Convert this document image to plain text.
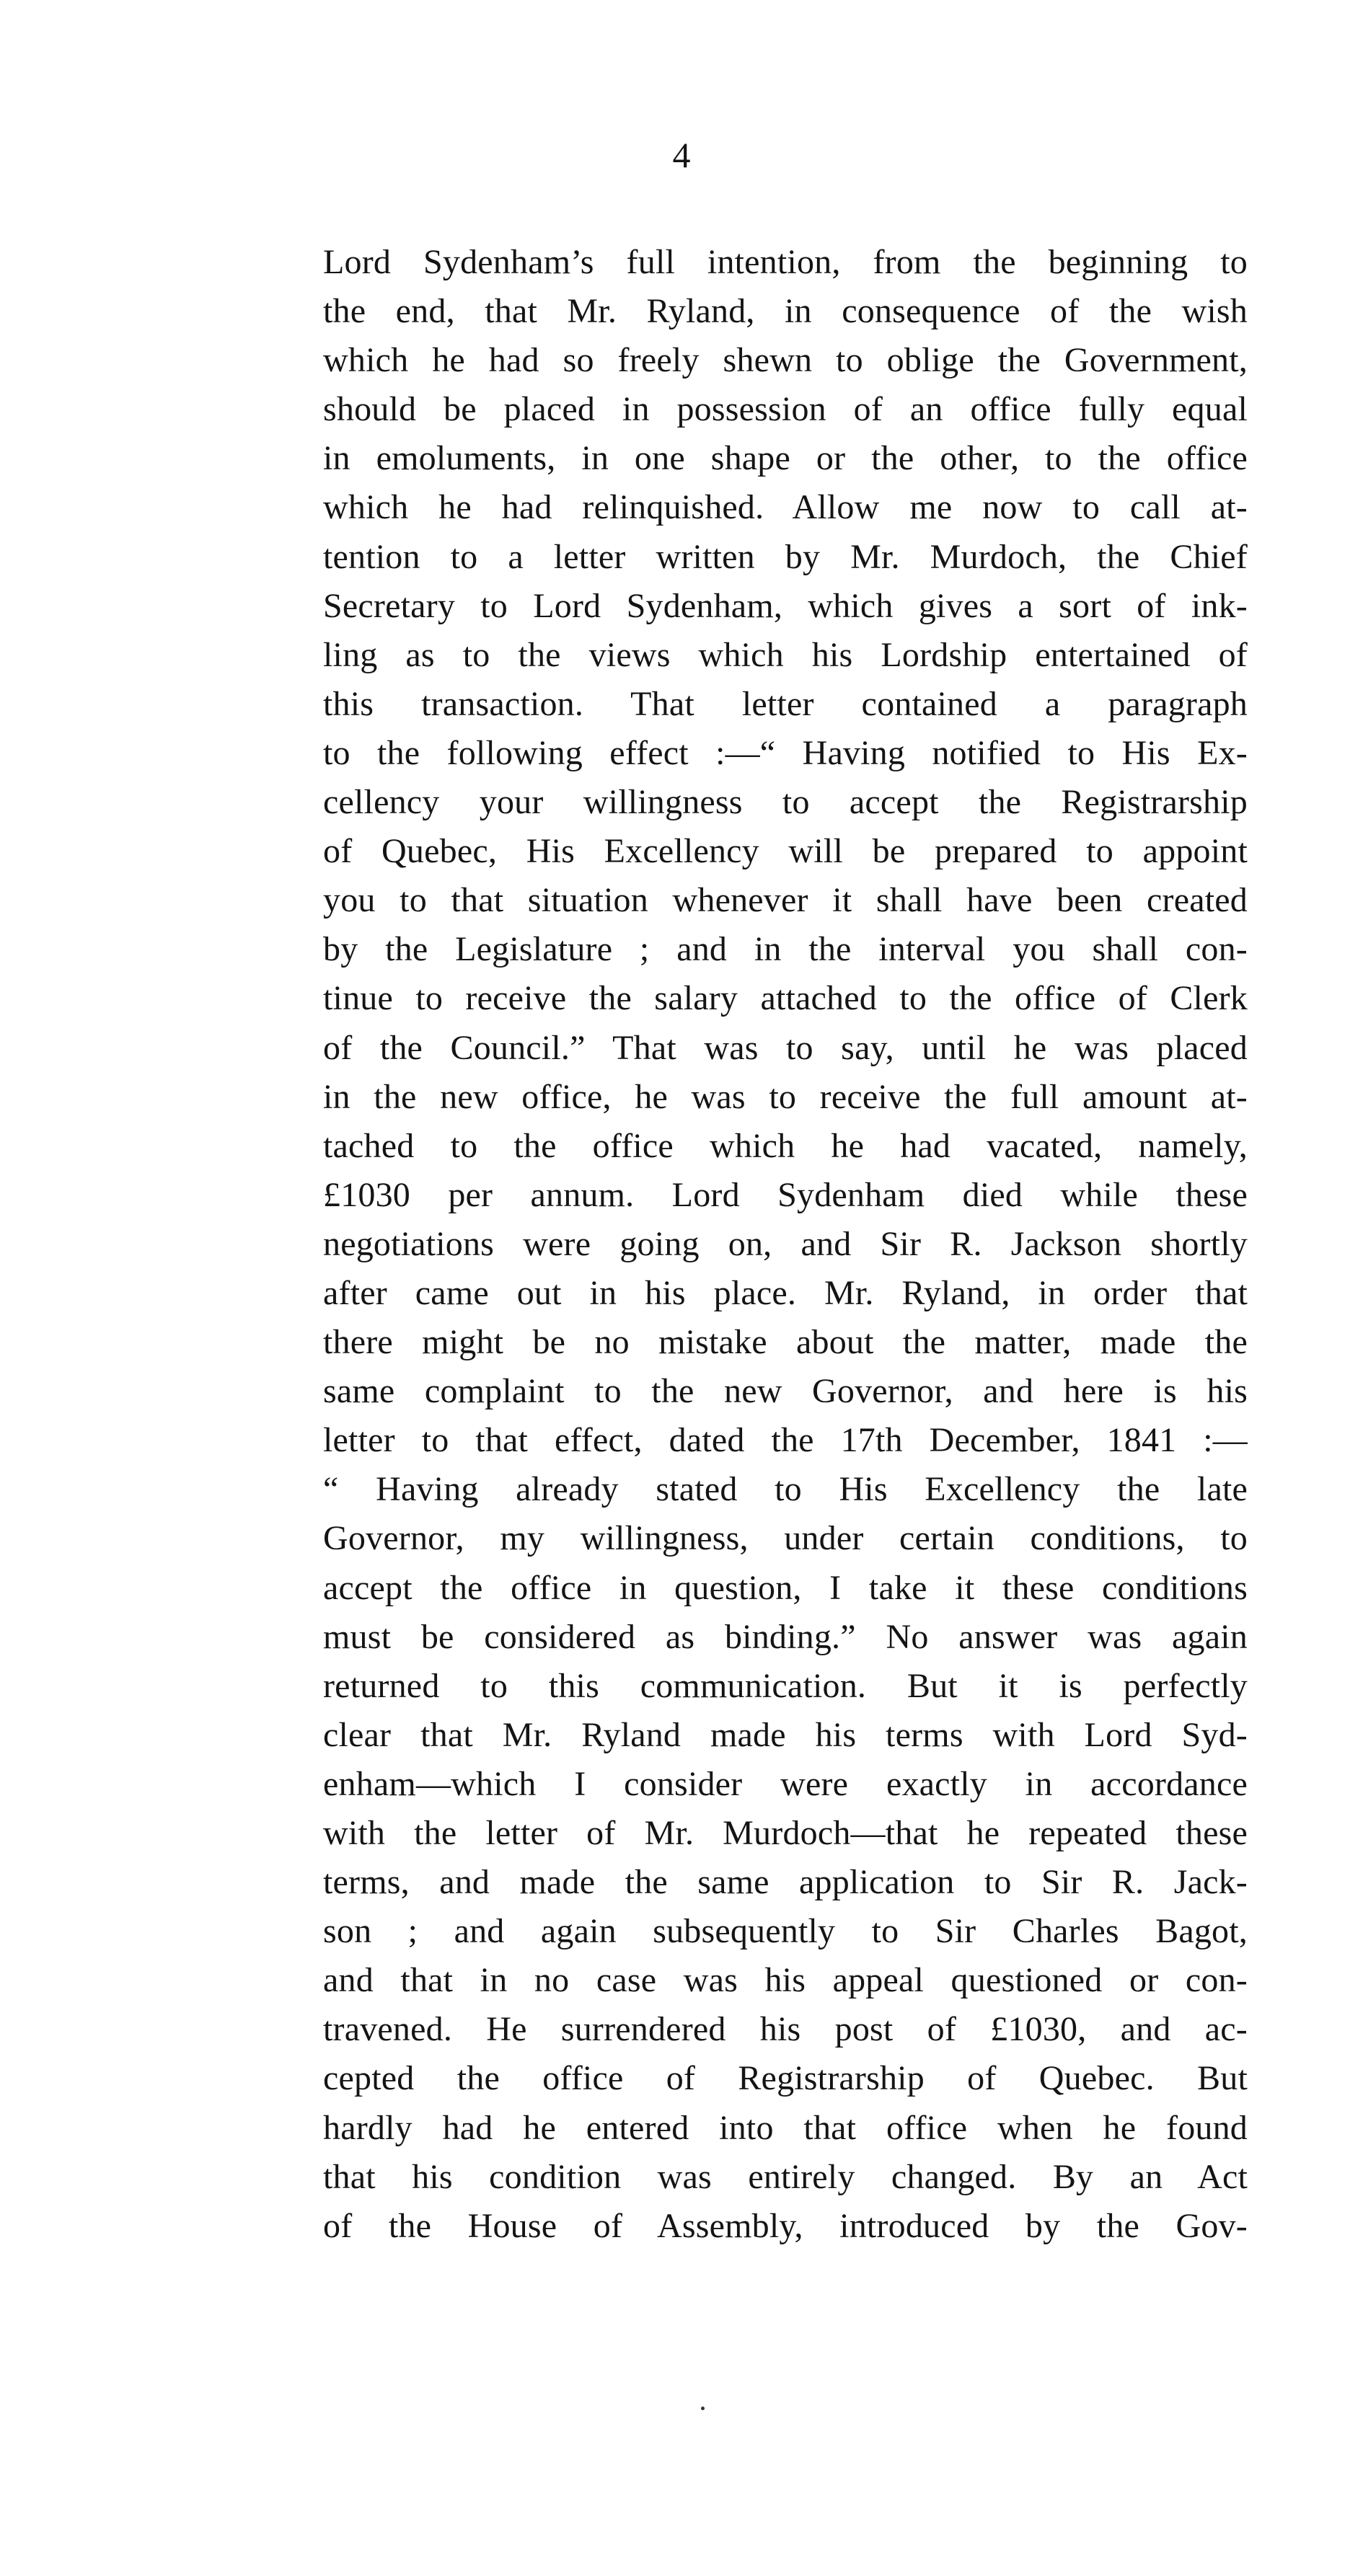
4
Lord Sydenham’s full intention, from the beginning to
the end, that Mr. Ryland, in consequence of the wish
which he had so freely shewn to oblige the Government,
should be placed in possession of an office fully equal
in emoluments, in one shape or the other, to the office
which he had relinquished. Allow me now to call at-
tention to a letter written by Mr. Murdoch, the Chief
Secretary to Lord Sydenham, which gives a sort of ink-
ling as to the views which his Lordship entertained of
this transaction. That letter contained a paragraph
to the following effect :—“ Having notified to His Ex-
cellency your willingness to accept the Registrarship
of Quebec, His Excellency will be prepared to appoint
you to that situation whenever it shall have been created
by the Legislature ; and in the interval you shall con-
tinue to receive the salary attached to the office of Clerk
of the Council.” That was to say, until he was placed
in the new office, he was to receive the full amount at-
tached to the office which he had vacated, namely,
£1030 per annum. Lord Sydenham died while these
negotiations were going on, and Sir R. Jackson shortly
after came out in his place. Mr. Ryland, in order that
there might be no mistake about the matter, made the
same complaint to the new Governor, and here is his
letter to that effect, dated the 17th December, 1841 :—
“ Having already stated to His Excellency the late
Governor, my willingness, under certain conditions, to
accept the office in question, I take it these conditions
must be considered as binding.” No answer was again
returned to this communication. But it is perfectly
clear that Mr. Ryland made his terms with Lord Syd-
enham—which I consider were exactly in accordance
with the letter of Mr. Murdoch—that he repeated these
terms, and made the same application to Sir R. Jack-
son ; and again subsequently to Sir Charles Bagot,
and that in no case was his appeal questioned or con-
travened. He surrendered his post of £1030, and ac-
cepted the office of Registrarship of Quebec. But
hardly had he entered into that office when he found
that his condition was entirely changed. By an Act
of the House of Assembly, introduced by the Gov-
